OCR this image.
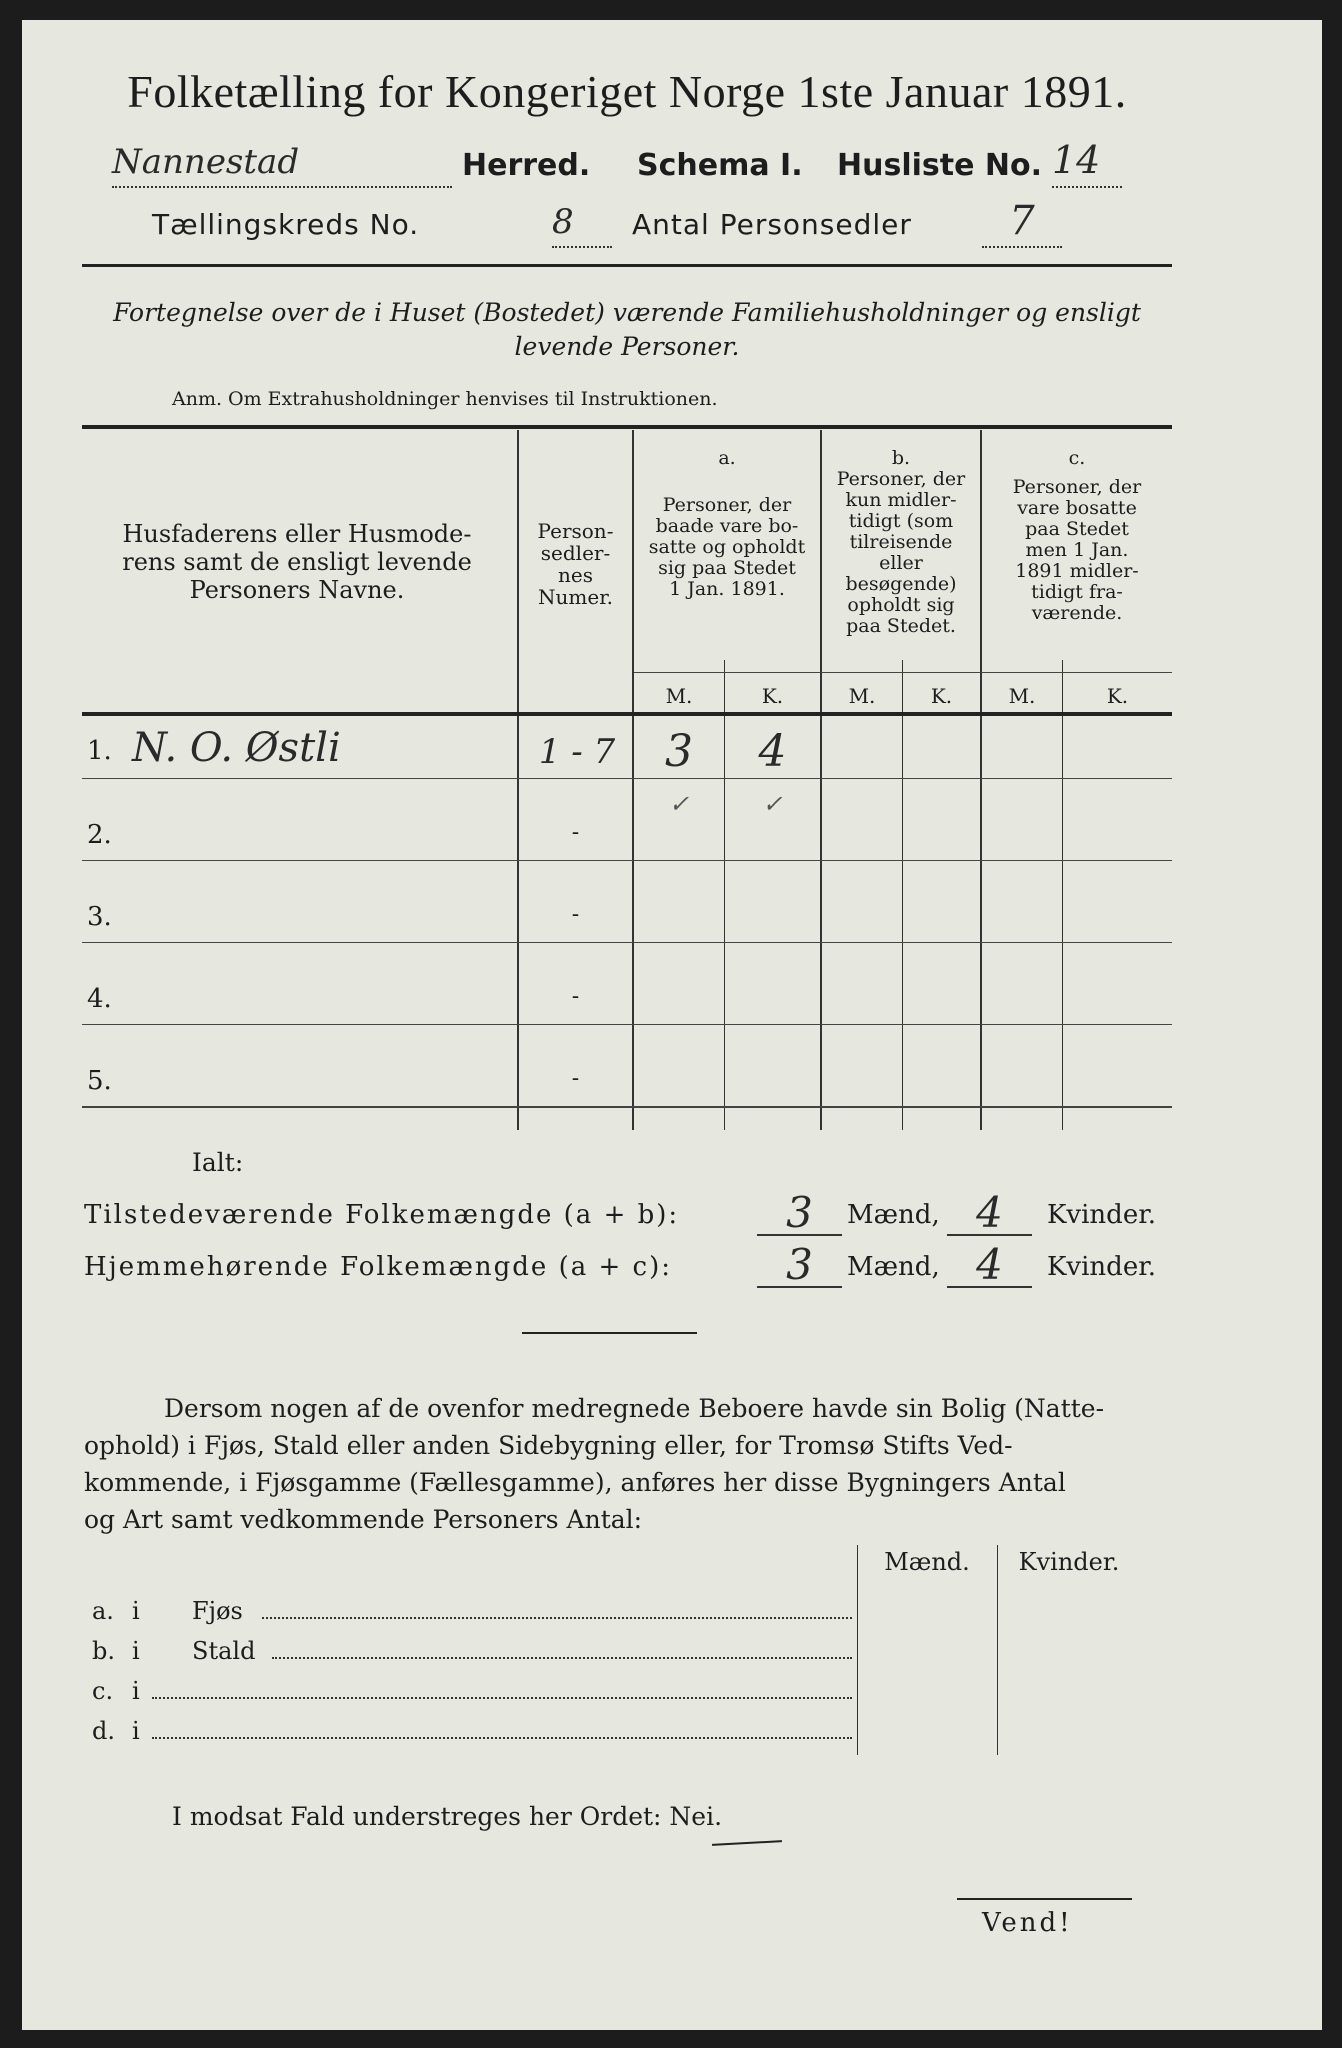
Folketælling for Kongeriget Norge 1ste Januar 1891.
Nannestad	Herred. Schema I. Husliste No. 14
Tællingskreds No.	8	Antal Personsedler	7
Fortegnelse over de i Huset (Bostedet) værende Familiehusholdninger og ensligt
levende Personer.
Anm. Om Extrahusholdninger henvises til Instruktionen.
Husfaderens eller Husmode-
rens samt de ensligt levende
Personers Navne.
Person-
sedler-
nes
Numer.
a.
Personer, der
baade vare bo-
satte og opholdt
sig paa Stedet
1 Jan. 1891.
b.
Personer, der
kun midler-
tidigt (som
tilreisende
eller
besøgende)
opholdt sig
paa Stedet.
c.
Personer, der
vare bosatte
paa Stedet
men 1 Jan.
1891 midler-
tidigt fra-
værende.
M.	K.	M.	K.	M.	K.
1. N. O. Østli	1 - 7	3	4
✓	✓
2.	-
3.	-
4.	-
5.	-
Ialt:
Tilstedeværende Folkemængde (a + b):	3	Mænd, 4	Kvinder.
Hjemmehørende Folkemængde (a + c):	3	Mænd, 4	Kvinder.
Dersom nogen af de ovenfor medregnede Beboere havde sin Bolig (Natte-
ophold) i Fjøs, Stald eller anden Sidebygning eller, for Tromsø Stifts Ved-
kommende, i Fjøsgamme (Fællesgamme), anføres her disse Bygningers Antal
og Art samt vedkommende Personers Antal:
Mænd.	Kvinder.
a. i	Fjøs
b. i	Stald
c. i
d. i
I modsat Fald understreges her Ordet: Nei.
Vend!
